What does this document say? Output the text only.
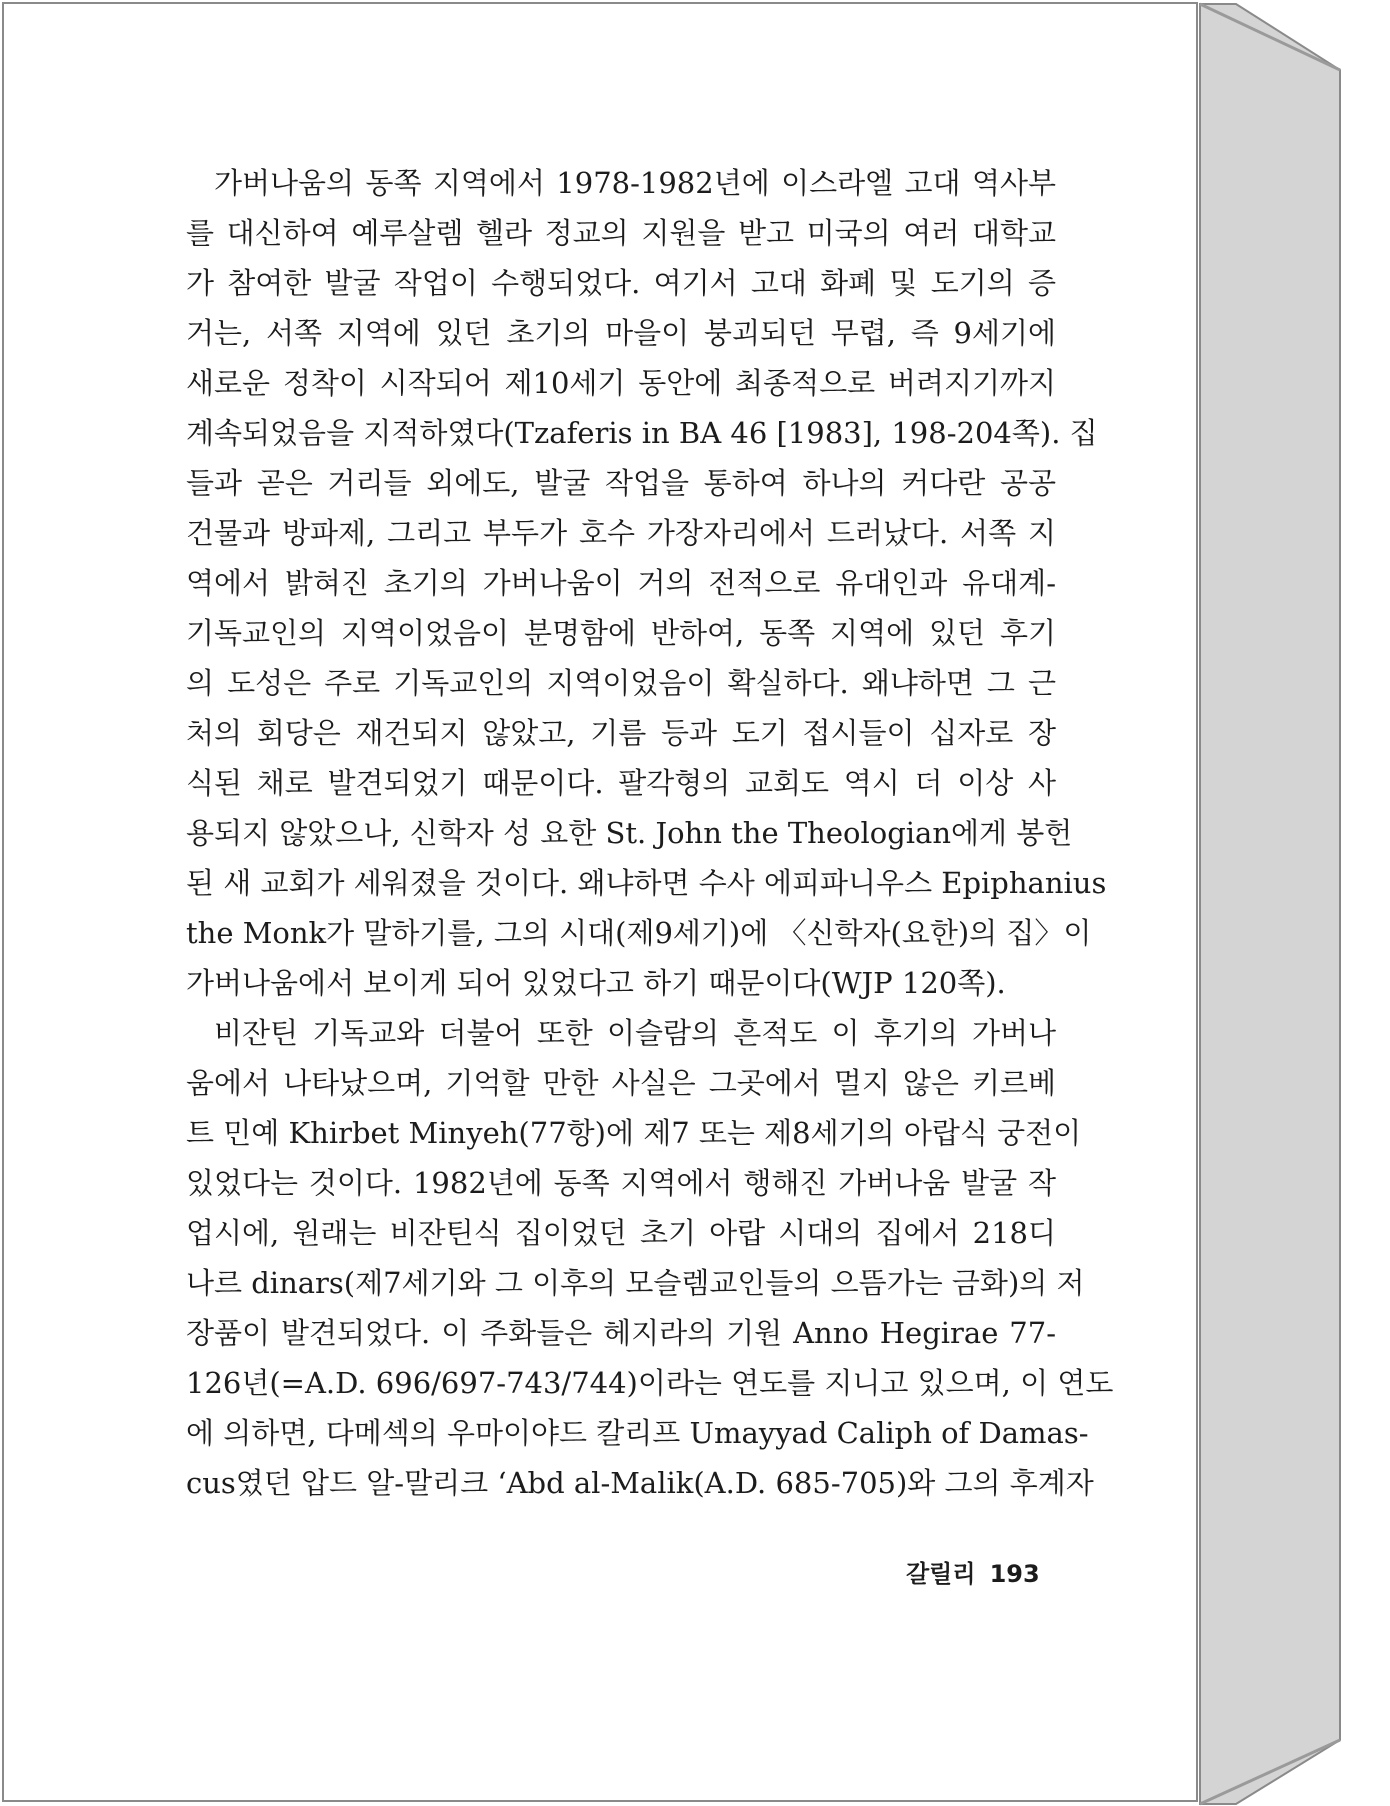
가버나움의 동쪽 지역에서 1978-1982년에 이스라엘 고대 역사부
를 대신하여 예루살렘 헬라 정교의 지원을 받고 미국의 여러 대학교
가 참여한 발굴 작업이 수행되었다. 여기서 고대 화폐 및 도기의 증
거는, 서쪽 지역에 있던 초기의 마을이 붕괴되던 무렵, 즉 9세기에
새로운 정착이 시작되어 제10세기 동안에 최종적으로 버려지기까지
계속되었음을 지적하였다(Tzaferis in BA 46 [1983], 198-204쪽). 집
들과 곧은 거리들 외에도, 발굴 작업을 통하여 하나의 커다란 공공
건물과 방파제, 그리고 부두가 호수 가장자리에서 드러났다. 서쪽 지
역에서 밝혀진 초기의 가버나움이 거의 전적으로 유대인과 유대계-
기독교인의 지역이었음이 분명함에 반하여, 동쪽 지역에 있던 후기
의 도성은 주로 기독교인의 지역이었음이 확실하다. 왜냐하면 그 근
처의 회당은 재건되지 않았고, 기름 등과 도기 접시들이 십자로 장
식된 채로 발견되었기 때문이다. 팔각형의 교회도 역시 더 이상 사
용되지 않았으나, 신학자 성 요한 St. John the Theologian에게 봉헌
된 새 교회가 세워졌을 것이다. 왜냐하면 수사 에피파니우스 Epiphanius
the Monk가 말하기를, 그의 시대(제9세기)에 〈신학자(요한)의 집〉이
가버나움에서 보이게 되어 있었다고 하기 때문이다(WJP 120쪽).
비잔틴 기독교와 더불어 또한 이슬람의 흔적도 이 후기의 가버나
움에서 나타났으며, 기억할 만한 사실은 그곳에서 멀지 않은 키르베
트 민예 Khirbet Minyeh(77항)에 제7 또는 제8세기의 아랍식 궁전이
있었다는 것이다. 1982년에 동쪽 지역에서 행해진 가버나움 발굴 작
업시에, 원래는 비잔틴식 집이었던 초기 아랍 시대의 집에서 218디
나르 dinars(제7세기와 그 이후의 모슬렘교인들의 으뜸가는 금화)의 저
장품이 발견되었다. 이 주화들은 헤지라의 기원 Anno Hegirae 77-
126년(=A.D. 696/697-743/744)이라는 연도를 지니고 있으며, 이 연도
에 의하면, 다메섹의 우마이야드 칼리프 Umayyad Caliph of Damas-
cus였던 압드 알-말리크 ‘Abd al-Malik(A.D. 685-705)와 그의 후계자
갈릴리 193
